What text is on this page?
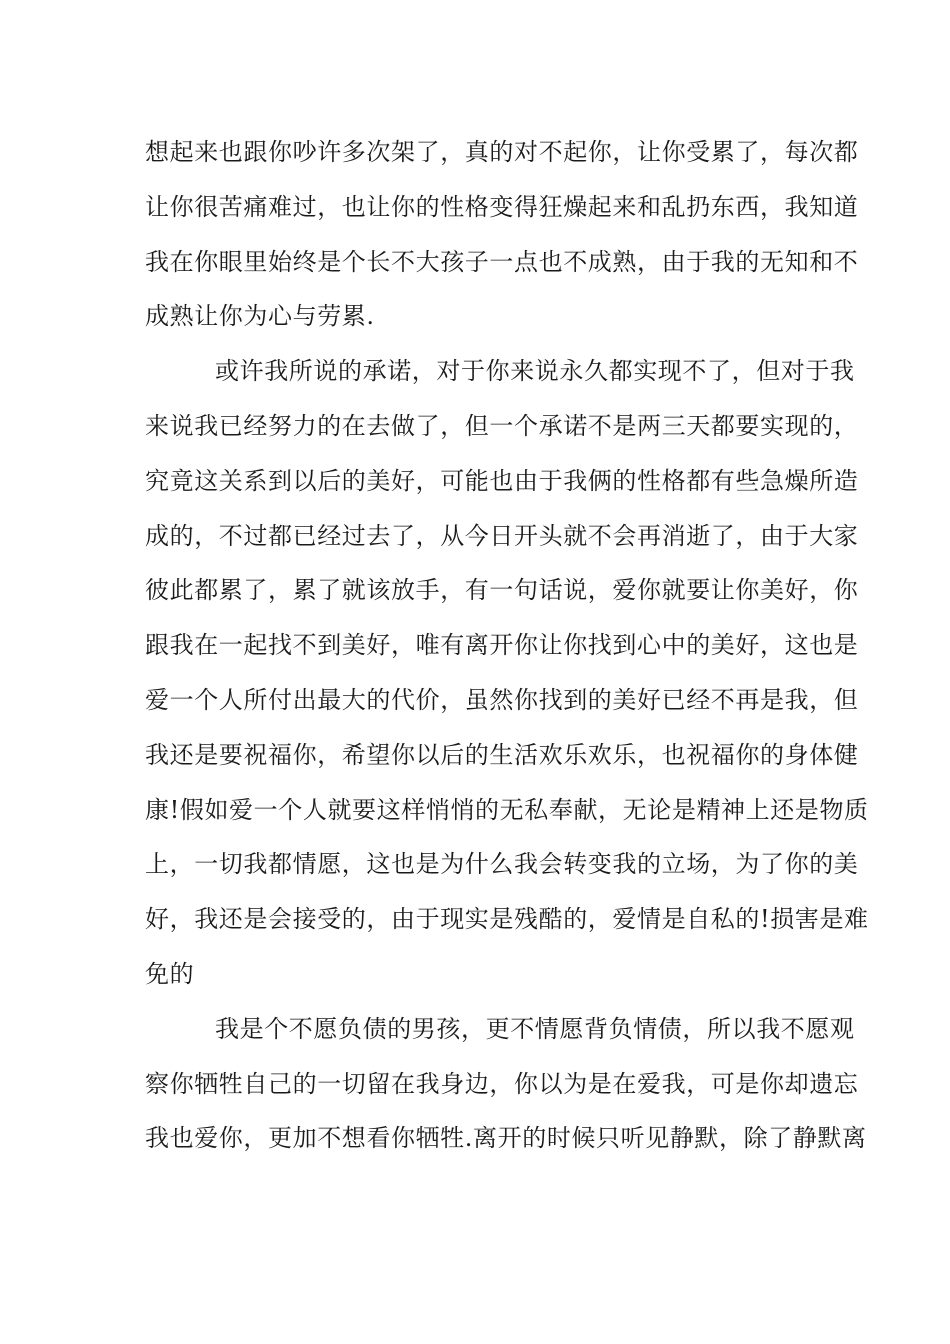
想起来也跟你吵许多次架了，真的对不起你，让你受累了，每次都
让你很苦痛难过，也让你的性格变得狂燥起来和乱扔东西，我知道
我在你眼里始终是个长不大孩子一点也不成熟，由于我的无知和不
成熟让你为心与劳累.
或许我所说的承诺，对于你来说永久都实现不了，但对于我
来说我已经努力的在去做了，但一个承诺不是两三天都要实现的，
究竟这关系到以后的美好，可能也由于我俩的性格都有些急燥所造
成的，不过都已经过去了，从今日开头就不会再消逝了，由于大家
彼此都累了，累了就该放手，有一句话说，爱你就要让你美好，你
跟我在一起找不到美好，唯有离开你让你找到心中的美好，这也是
爱一个人所付出最大的代价，虽然你找到的美好已经不再是我，但
我还是要祝福你，希望你以后的生活欢乐欢乐，也祝福你的身体健
康!假如爱一个人就要这样悄悄的无私奉献，无论是精神上还是物质
上，一切我都情愿，这也是为什么我会转变我的立场，为了你的美
好，我还是会接受的，由于现实是残酷的，爱情是自私的!损害是难
免的
我是个不愿负债的男孩，更不情愿背负情债，所以我不愿观
察你牺牲自己的一切留在我身边，你以为是在爱我，可是你却遗忘
我也爱你，更加不想看你牺牲.离开的时候只听见静默，除了静默离
